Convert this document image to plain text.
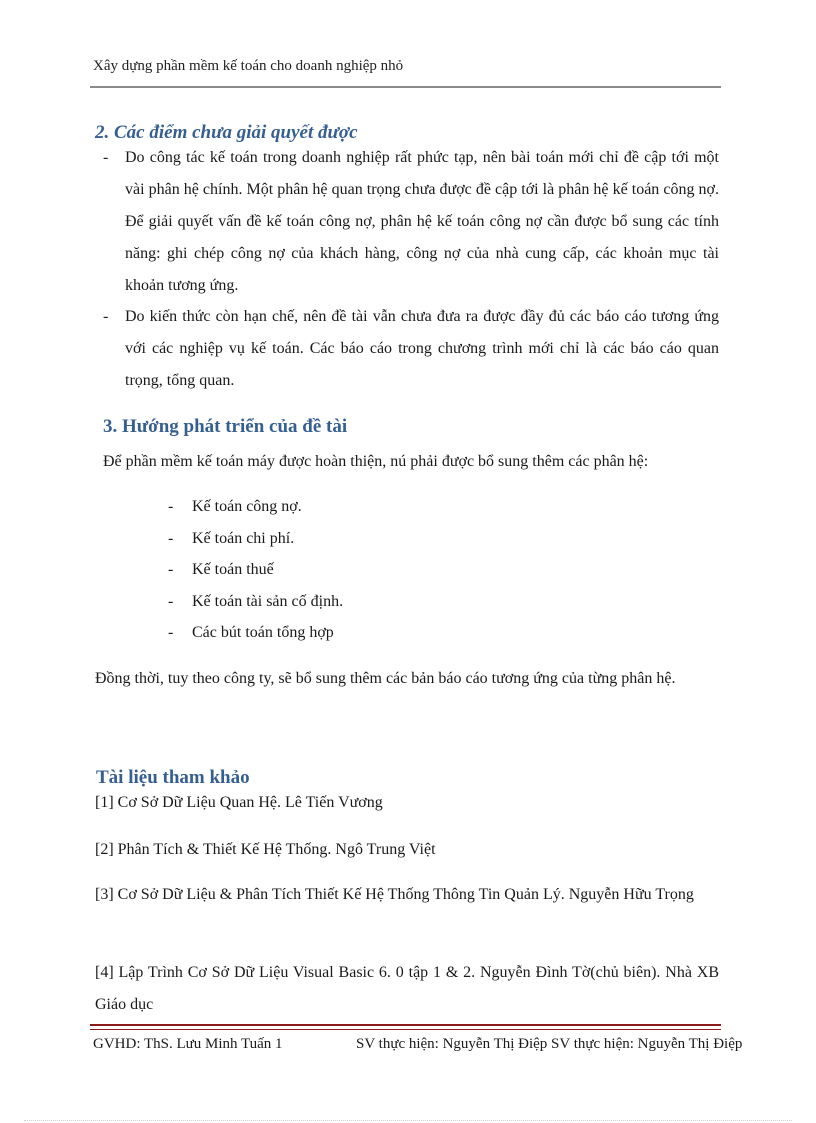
Xây dựng phần mềm kế toán cho doanh nghiệp nhỏ
2. Các điểm chưa giải quyết được
- Do công tác kế toán trong doanh nghiệp rất phức tạp, nên bài toán mới chỉ đề cập tới một vài phân hệ chính. Một phân hệ quan trọng chưa được đề cập tới là phân hệ kế toán công nợ. Để giải quyết vấn đề kế toán công nợ, phân hệ kế toán công nợ cần được bổ sung các tính năng: ghi chép công nợ của khách hàng, công nợ của nhà cung cấp, các khoản mục tài khoản tương ứng.
- Do kiến thức còn hạn chế, nên đề tài vẫn chưa đưa ra được đầy đủ các báo cáo tương ứng với các nghiệp vụ kế toán. Các báo cáo trong chương trình mới chỉ là các báo cáo quan trọng, tổng quan.
3. Hướng phát triển của đề tài
Để phần mềm kế toán máy được hoàn thiện, nú phải được bổ sung thêm các phân hệ:
- Kế toán công nợ.
- Kế toán chi phí.
- Kế toán thuế
- Kế toán tài sản cố định.
- Các bút toán tổng hợp
Đồng thời, tuy theo công ty, sẽ bổ sung thêm các bản báo cáo tương ứng của từng phân hệ.
Tài liệu tham khảo
[1] Cơ Sở Dữ Liệu Quan Hệ. Lê Tiến Vương
[2] Phân Tích & Thiết Kế Hệ Thống. Ngô Trung Việt
[3] Cơ Sở Dữ Liệu & Phân Tích Thiết Kế Hệ Thống Thông Tin Quản Lý. Nguyễn Hữu Trọng
[4] Lập Trình Cơ Sở Dữ Liệu Visual Basic 6. 0 tập 1 & 2. Nguyễn Đình Tờ(chủ biên). Nhà XB Giáo dục
GVHD: ThS. Lưu Minh Tuấn 1	SV thực hiện: Nguyễn Thị Điệp SV thực hiện: Nguyễn Thị Điệp
